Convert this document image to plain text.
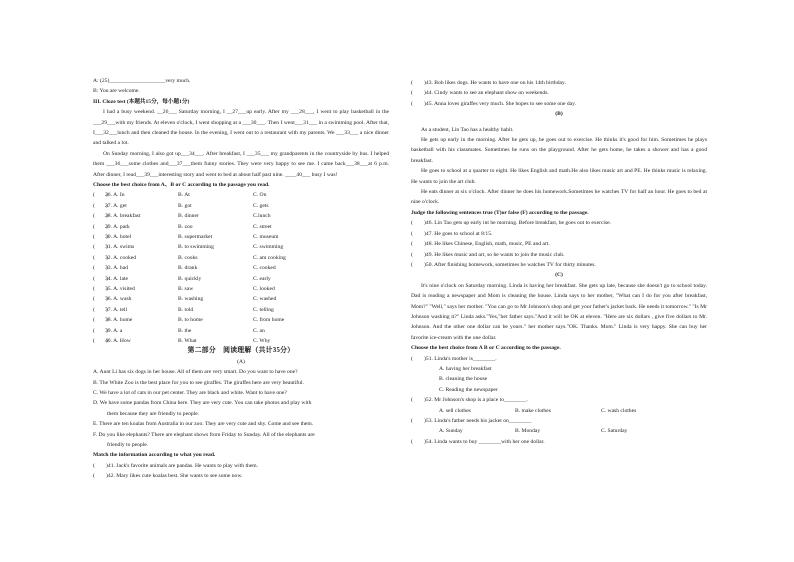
A: (25)____________________very much.
B: You are welcome.
III. Cloze test (本题共15分，每小题1分)
I had a busy weekend. __26___ Saturday morning, I __27___up early. After my ___28___, I went to play basketball in the ___29___with my friends. At eleven o'clock, I went shopping at a ___30___. Then I went___31___ in a swimming pool. After that, I___32___lunch and then cleaned the house. In the evening, I went out to a restaurant with my parents. We ___33___ a nice dinner and talked a lot.
On Sunday morning, I also got up___34___. After breakfast, I ___35___ my grandparents in the countryside by bus. I helped them ___36___some clothes and___37___them funny stories. They were very happy to see me. I came back___38___at 6 p.m. After dinner, I read___39___interesting story and went to bed at about half past nine. ____40___ busy I was!
Choose the best choice from A、B or C according to the passage you read.
(　　)
26. A. In	B. At	C. On
(　　)
27. A. get	B. got	C. gets
(　　)
28. A. breakfast	B. dinner	C.lunch
(　　)
29. A. park	B. zoo	C. street
(　　)
30. A. hotel	B. supermarket	C. museum
(　　)
31. A. swims	B. to swimming	C. swimming
(　　)
32. A. cooked	B. cooks	C. am cooking
(　　)
33. A. had	B. drank	C. cooked
(　　)
34. A. late	B. quickly	C. early
(　　)
35. A. visited	B. saw	C. looked
(　　)
36. A. wash	B. washing	C. washed
(　　)
37. A. tell	B. told	C. telling
(　　)
38. A. home	B. to home	C. from home
(　　)
39. A. a	B. the	C. an
(　　)
40. A. How	B. What	C. Why
第二部分　阅读理解（共计35分）
(A)
A. Aunt Li has six dogs in her house. All of them are very smart. Do you want to have one?
B. The White Zoo is the best place for you to see giraffes. The giraffes here are very beautiful.
C. We have a lot of cats in our pet center. They are black and white. Want to have one?
D. We have some pandas from China here. They are very cute. You can take photos and play with
them because they are friendly to people.
E. There are ten koalas from Australia in our zoo. They are very cute and shy. Come and see them.
F. Do you like elephants? There are elephant shows from Friday to Sunday. All of the elephants are
friendly to people.
Match the information according to what you read.
(　　)41. Jack's favorite animals are pandas. He wants to play with them.
(　　)42. Mary likes cute koalas best. She wants to see some now.
(　　)43. Bob likes dogs. He wants to have one on his 14th birthday.
(　　)44. Cindy wants to see an elephant show on weekends.
(　　)45. Anna loves giraffes very much. She hopes to see some one day.
(B)
As a student, Lin Tao has a healthy habit.
He gets up early in the morning. After he gets up, he goes out to exercise. He thinks it's good for him. Sometimes he plays basketball with his classmates. Sometimes he runs on the playground. After he gets home, he takes a shower and has a good breakfast.
He goes to school at a quarter to eight. He likes English and math.He also likes music art and PE. He thinks music is relaxing. He wants to join the art club.
He eats dinner at six o'clock. After dinner he does his homework.Sometimes he watches TV for half an hour. He goes to bed at nine o'clock.
Judge the following sentences true (T)or false (F) according to the passage.
(　　)46. Lin Tao gets up early int he morning. Before breakfast, he goes out to exercise.
(　　)47. He goes to school at 8:15.
(　　)48. He likes Chinese, English, math, music, PE and art.
(　　)49. He likes music and art, so he wants to join the music club.
(　　)50. After finishing homework, sometimes he watches TV for thirty minutes.
(C)
It's nine o'clock on Saturday morning. Linda is having her breakfast. She gets up late, because she doesn't go to school today. Dad is reading a newspaper and Mom is cleaning the house. Linda says to her mother, "What can I do for you after breakfast, Mom?" "Well," says her mother. "You can go to Mr Johnson's shop and get your father's jacket back. He needs it tomorrow." "Is Mr Johnson washing it?" Linda asks."Yes,"her father says."And it will be OK at eleven. "Here are six dollars , give five dollars to Mr. Johnson. And the other one dollar can be yours." her mother says."OK. Thanks. Mom." Linda is very happy. She can buy her favorite ice-cream with the one dollar.
Choose the best choice from A B or C according to the passage.
(　　)51. Linda's mother is________.
A. having her breakfast
B. cleaning the house
C. Reading the newspaper
(　　)52. Mr Johnson's shop is a place to________.
A. sell clothes	B. make clothes	C. wash clothes
(　　)53. Linda's father needs his jacket on________
A. Sunday	B. Monday	C. Saturday
(　　)54. Linda wants to buy ________with her one dollar.
